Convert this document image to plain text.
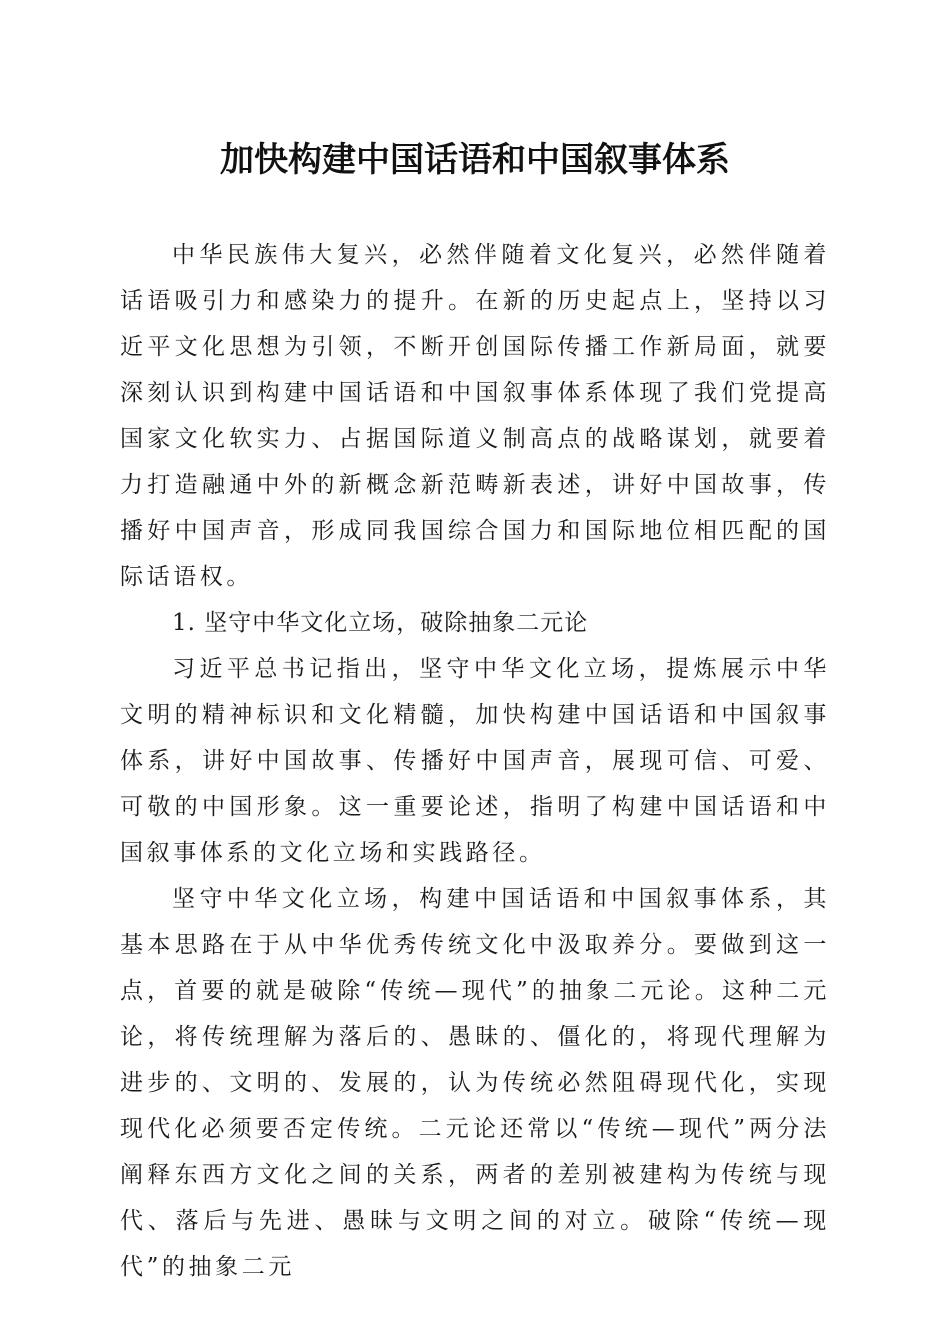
加快构建中国话语和中国叙事体系

中华民族伟大复兴，必然伴随着文化复兴，必然伴随着话语吸引力和感染力的提升。在新的历史起点上，坚持以习近平文化思想为引领，不断开创国际传播工作新局面，就要深刻认识到构建中国话语和中国叙事体系体现了我们党提高国家文化软实力、占据国际道义制高点的战略谋划，就要着力打造融通中外的新概念新范畴新表述，讲好中国故事，传播好中国声音，形成同我国综合国力和国际地位相匹配的国际话语权。

1. 坚守中华文化立场，破除抽象二元论

习近平总书记指出，坚守中华文化立场，提炼展示中华文明的精神标识和文化精髓，加快构建中国话语和中国叙事体系，讲好中国故事、传播好中国声音，展现可信、可爱、可敬的中国形象。这一重要论述，指明了构建中国话语和中国叙事体系的文化立场和实践路径。

坚守中华文化立场，构建中国话语和中国叙事体系，其基本思路在于从中华优秀传统文化中汲取养分。要做到这一点，首要的就是破除“传统—现代”的抽象二元论。这种二元论，将传统理解为落后的、愚昧的、僵化的，将现代理解为进步的、文明的、发展的，认为传统必然阻碍现代化，实现现代化必须要否定传统。二元论还常以“传统—现代”两分法阐释东西方文化之间的关系，两者的差别被建构为传统与现代、落后与先进、愚昧与文明之间的对立。破除“传统—现代”的抽象二元
